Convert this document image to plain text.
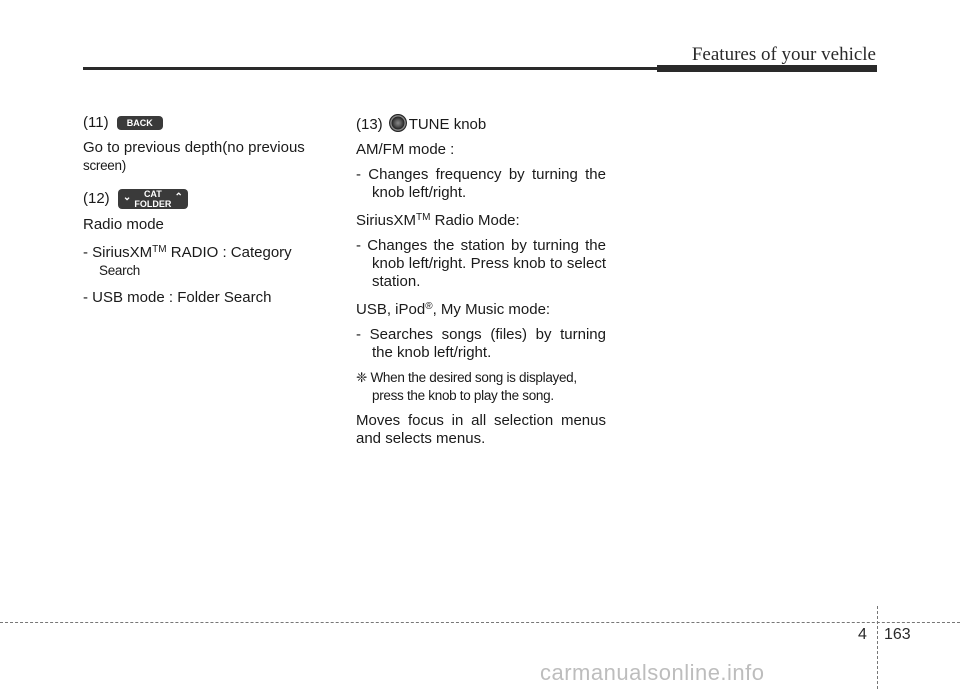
Features of your vehicle
(11) BACK
Go to previous depth(no previous
screen)
(12) ⌄	CAT
FOLDER
⌃
Radio mode
- SiriusXM™ RADIO : Category
Search
- USB mode : Folder Search
(13) TUNE knob
AM/FM mode :
- Changes frequency by turning the knob left/right.
SiriusXM™ Radio Mode:
- Changes the station by turning the knob left/right. Press knob to select station.
USB, iPod®, My Music mode:
- Searches songs (files) by turning the knob left/right.
❈ When the desired song is displayed, press the knob to play the song.
Moves focus in all selection menus and selects menus.
4 163
carmanualsonline.info
